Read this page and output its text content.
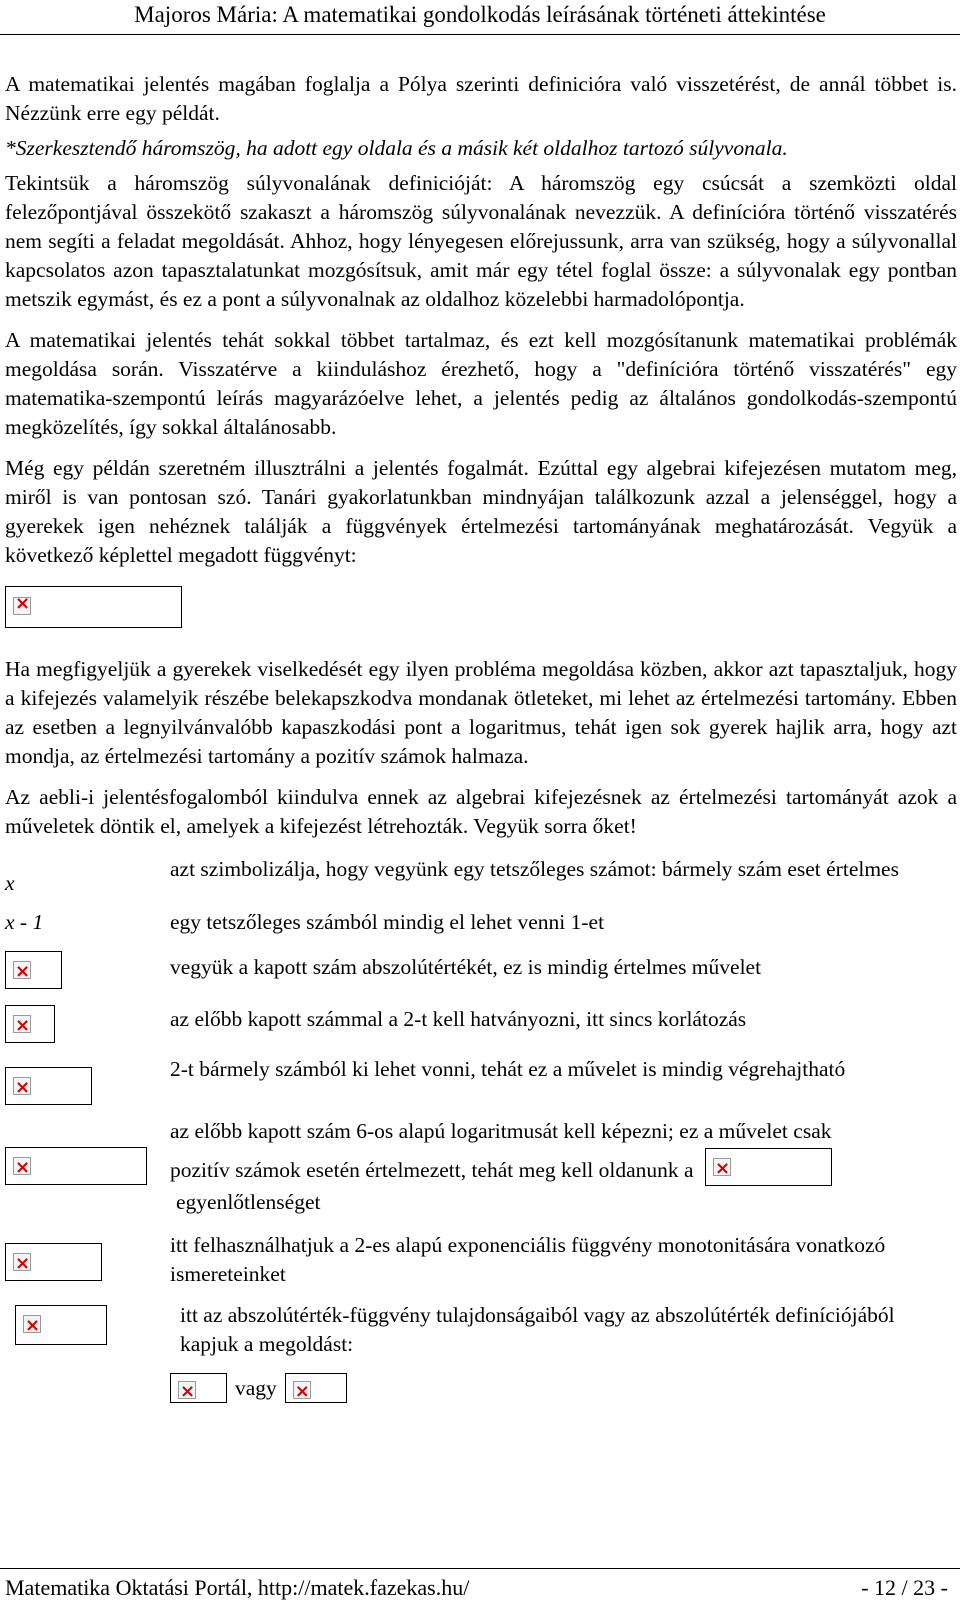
Majoros Mária: A matematikai gondolkodás leírásának történeti áttekintése

A matematikai jelentés magában foglalja a Pólya szerinti definicióra való visszetérést, de annál többet is. Nézzünk erre egy példát.

*Szerkesztendő háromszög, ha adott egy oldala és a másik két oldalhoz tartozó súlyvonala.

Tekintsük a háromszög súlyvonalának definicióját: A háromszög egy csúcsát a szemközti oldal felezőpontjával összekötő szakaszt a háromszög súlyvonalának nevezzük. A definícióra történő visszatérés nem segíti a feladat megoldását. Ahhoz, hogy lényegesen előrejussunk, arra van szükség, hogy a súlyvonallal kapcsolatos azon tapasztalatunkat mozgósítsuk, amit már egy tétel foglal össze: a súlyvonalak egy pontban metszik egymást, és ez a pont a súlyvonalnak az oldalhoz közelebbi harmadolópontja.

A matematikai jelentés tehát sokkal többet tartalmaz, és ezt kell mozgósítanunk matematikai problémák megoldása során. Visszatérve a kiinduláshoz érezhető, hogy a "definícióra történő visszatérés" egy matematika-szempontú leírás magyarázóelve lehet, a jelentés pedig az általános gondolkodás-szempontú megközelítés, így sokkal általánosabb.

Még egy példán szeretném illusztrálni a jelentés fogalmát. Ezúttal egy algebrai kifejezésen mutatom meg, miről is van pontosan szó. Tanári gyakorlatunkban mindnyájan találkozunk azzal a jelenséggel, hogy a gyerekek igen nehéznek találják a függvények értelmezési tartományának meghatározását. Vegyük a következő képlettel megadott függvényt:

×

Ha megfigyeljük a gyerekek viselkedését egy ilyen probléma megoldása közben, akkor azt tapasztaljuk, hogy a kifejezés valamelyik részébe belekapszkodva mondanak ötleteket, mi lehet az értelmezési tartomány. Ebben az esetben a legnyilvánvalóbb kapaszkodási pont a logaritmus, tehát igen sok gyerek hajlik arra, hogy azt mondja, az értelmezési tartomány a pozitív számok halmaza.

Az aebli-i jelentésfogalomból kiindulva ennek az algebrai kifejezésnek az értelmezési tartományát azok a műveletek döntik el, amelyek a kifejezést létrehozták. Vegyük sorra őket!

x
azt szimbolizálja, hogy vegyünk egy tetszőleges számot: bármely szám eset értelmes
x - 1	egy tetszőleges számból mindig el lehet venni 1-et
×
vegyük a kapott szám abszolútértékét, ez is mindig értelmes művelet
×
az előbb kapott számmal a 2-t kell hatványozni, itt sincs korlátozás
×
2-t bármely számból ki lehet vonni, tehát ez a művelet is mindig végrehajtható
×
az előbb kapott szám 6-os alapú logaritmusát kell képezni; ez a művelet csak
pozitív számok esetén értelmezett, tehát meg kell oldanunk a
×
egyenlőtlenséget
×
itt felhasználhatjuk a 2-es alapú exponenciális függvény monotonitására vonatkozó ismereteinket
×
itt az abszolútérték-függvény tulajdonságaiból vagy az abszolútérték definíciójából kapjuk a megoldást:
×
vagy
×
Matematika Oktatási Portál, http://matek.fazekas.hu/	- 12 / 23 -
